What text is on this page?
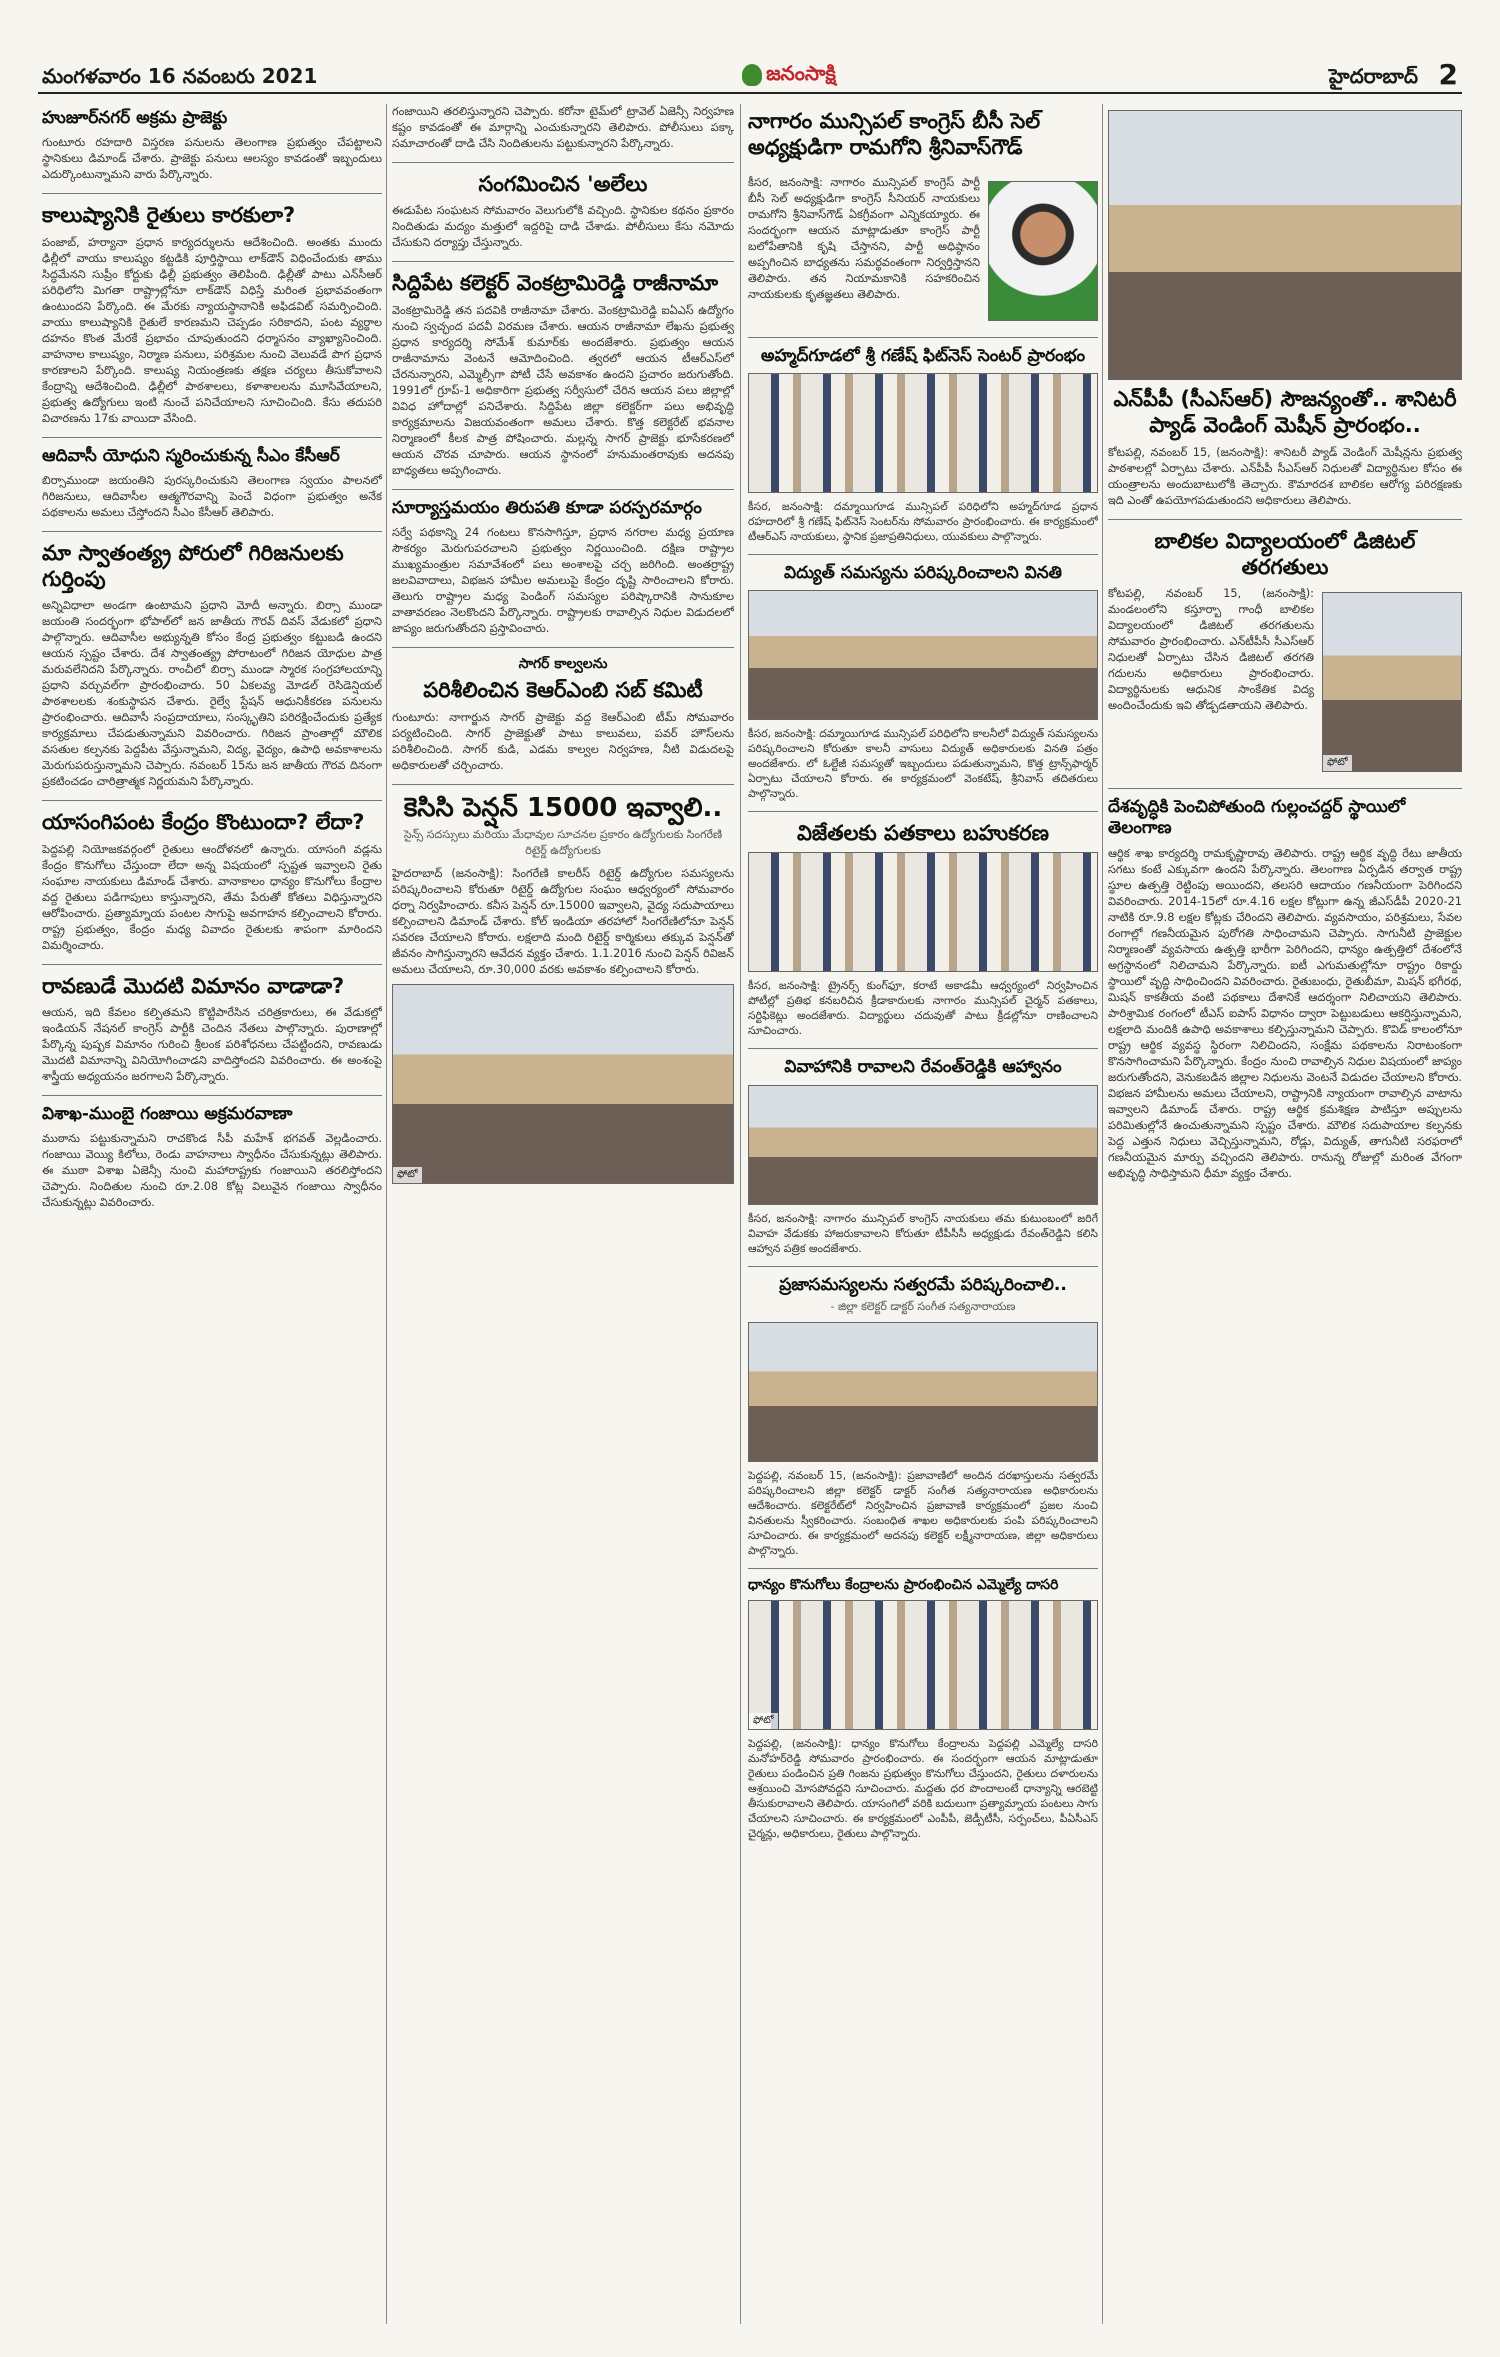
మంగళవారం 16 నవంబరు 2021	జనంసాక్షి	హైదరాబాద్ 2
హుజూర్‌నగర్ అక్రమ ప్రాజెక్టు
గుంటూరు రహదారి విస్తరణ పనులను తెలంగాణ ప్రభుత్వం చేపట్టాలని స్థానికులు డిమాండ్ చేశారు. ప్రాజెక్టు పనులు ఆలస్యం కావడంతో ఇబ్బందులు ఎదుర్కొంటున్నామని వారు పేర్కొన్నారు.
కాలుష్యానికి రైతులు కారకులా?
పంజాబ్, హర్యానా ప్రధాన కార్యదర్శులను ఆదేశించింది. అంతకు ముందు ఢిల్లీలో వాయు కాలుష్యం కట్టడికి పూర్తిస్థాయి లాక్‌డౌన్ విధించేందుకు తాము సిద్ధమేనని సుప్రీం కోర్టుకు ఢిల్లీ ప్రభుత్వం తెలిపింది. ఢిల్లీతో పాటు ఎన్‌సీఆర్ పరిధిలోని మిగతా రాష్ట్రాల్లోనూ లాక్‌డౌన్ విధిస్తే మరింత ప్రభావవంతంగా ఉంటుందని పేర్కొంది. ఈ మేరకు న్యాయస్థానానికి అఫిడవిట్ సమర్పించింది. వాయు కాలుష్యానికి రైతులే కారణమని చెప్పడం సరికాదని, పంట వ్యర్థాల దహనం కొంత మేరకే ప్రభావం చూపుతుందని ధర్మాసనం వ్యాఖ్యానించింది. వాహనాల కాలుష్యం, నిర్మాణ పనులు, పరిశ్రమల నుంచి వెలువడే పొగ ప్రధాన కారణాలని పేర్కొంది. కాలుష్య నియంత్రణకు తక్షణ చర్యలు తీసుకోవాలని కేంద్రాన్ని ఆదేశించింది. ఢిల్లీలో పాఠశాలలు, కళాశాలలను మూసివేయాలని, ప్రభుత్వ ఉద్యోగులు ఇంటి నుంచే పనిచేయాలని సూచించింది. కేసు తదుపరి విచారణను 17కు వాయిదా వేసింది.
ఆదివాసీ యోధుని స్మరించుకున్న సీఎం కేసీఆర్
బిర్సాముండా జయంతిని పురస్కరించుకుని తెలంగాణ స్వయం పాలనలో గిరిజనులు, ఆదివాసీల ఆత్మగౌరవాన్ని పెంచే విధంగా ప్రభుత్వం అనేక పథకాలను అమలు చేస్తోందని సీఎం కేసీఆర్ తెలిపారు.
మా స్వాతంత్య్ర పోరులో గిరిజనులకు గుర్తింపు
అన్నివిధాలా అండగా ఉంటామని ప్రధాని మోదీ అన్నారు. బిర్సా ముండా జయంతి సందర్భంగా భోపాల్‌లో జన జాతీయ గౌరవ్ దివస్ వేడుకలో ప్రధాని పాల్గొన్నారు. ఆదివాసీల అభ్యున్నతి కోసం కేంద్ర ప్రభుత్వం కట్టుబడి ఉందని ఆయన స్పష్టం చేశారు. దేశ స్వాతంత్య్ర పోరాటంలో గిరిజన యోధుల పాత్ర మరువలేనిదని పేర్కొన్నారు. రాంచీలో బిర్సా ముండా స్మారక సంగ్రహాలయాన్ని ప్రధాని వర్చువల్‌గా ప్రారంభించారు. 50 ఏకలవ్య మోడల్ రెసిడెన్షియల్ పాఠశాలలకు శంకుస్థాపన చేశారు. రైల్వే స్టేషన్ ఆధునికీకరణ పనులను ప్రారంభించారు. ఆదివాసీ సంప్రదాయాలు, సంస్కృతిని పరిరక్షించేందుకు ప్రత్యేక కార్యక్రమాలు చేపడుతున్నామని వివరించారు. గిరిజన ప్రాంతాల్లో మౌలిక వసతుల కల్పనకు పెద్దపీట వేస్తున్నామని, విద్య, వైద్యం, ఉపాధి అవకాశాలను మెరుగుపరుస్తున్నామని చెప్పారు. నవంబర్ 15ను జన జాతీయ గౌరవ దినంగా ప్రకటించడం చారిత్రాత్మక నిర్ణయమని పేర్కొన్నారు.
యాసంగిపంట కేంద్రం కొంటుందా? లేదా?
పెద్దపల్లి నియోజకవర్గంలో రైతులు ఆందోళనలో ఉన్నారు. యాసంగి వడ్లను కేంద్రం కొనుగోలు చేస్తుందా లేదా అన్న విషయంలో స్పష్టత ఇవ్వాలని రైతు సంఘాల నాయకులు డిమాండ్ చేశారు. వానాకాలం ధాన్యం కొనుగోలు కేంద్రాల వద్ద రైతులు పడిగాపులు కాస్తున్నారని, తేమ పేరుతో కోతలు విధిస్తున్నారని ఆరోపించారు. ప్రత్యామ్నాయ పంటల సాగుపై అవగాహన కల్పించాలని కోరారు. రాష్ట్ర ప్రభుత్వం, కేంద్రం మధ్య వివాదం రైతులకు శాపంగా మారిందని విమర్శించారు.
రావణుడే మొదటి విమానం వాడాడా?
ఆయన, ఇది కేవలం కల్పితమని కొట్టిపారేసిన చరిత్రకారులు, ఈ వేడుకల్లో ఇండియన్ నేషనల్ కాంగ్రెస్ పార్టీకి చెందిన నేతలు పాల్గొన్నారు. పురాణాల్లో పేర్కొన్న పుష్పక విమానం గురించి శ్రీలంక పరిశోధనలు చేపట్టిందని, రావణుడు మొదటి విమానాన్ని వినియోగించాడని వాదిస్తోందని వివరించారు. ఈ అంశంపై శాస్త్రీయ అధ్యయనం జరగాలని పేర్కొన్నారు.
విశాఖ-ముంబై గంజాయి అక్రమరవాణా
ముఠాను పట్టుకున్నామని రాచకొండ సీపీ మహేశ్ భగవత్ వెల్లడించారు. గంజాయి వెయ్యి కిలోలు, రెండు వాహనాలు స్వాధీనం చేసుకున్నట్లు తెలిపారు. ఈ ముఠా విశాఖ ఏజెన్సీ నుంచి మహారాష్ట్రకు గంజాయిని తరలిస్తోందని చెప్పారు. నిందితుల నుంచి రూ.2.08 కోట్ల విలువైన గంజాయి స్వాధీనం చేసుకున్నట్లు వివరించారు.
గంజాయిని తరలిస్తున్నారని చెప్పారు. కరోనా టైమ్‌లో ట్రావెల్ ఏజెన్సీ నిర్వహణ కష్టం కావడంతో ఈ మార్గాన్ని ఎంచుకున్నారని తెలిపారు. పోలీసులు పక్కా సమాచారంతో దాడి చేసి నిందితులను పట్టుకున్నారని పేర్కొన్నారు.
సంగమించిన 'అలేలు
ఈడుపేట సంఘటన సోమవారం వెలుగులోకి వచ్చింది. స్థానికుల కథనం ప్రకారం నిందితుడు మద్యం మత్తులో ఇద్దరిపై దాడి చేశాడు. పోలీసులు కేసు నమోదు చేసుకుని దర్యాప్తు చేస్తున్నారు.
సిద్దిపేట కలెక్టర్ వెంకట్రామిరెడ్డి రాజీనామా
వెంకట్రామిరెడ్డి తన పదవికి రాజీనామా చేశారు. వెంకట్రామిరెడ్డి ఐఏఎస్ ఉద్యోగం నుంచి స్వచ్ఛంద పదవీ విరమణ చేశారు. ఆయన రాజీనామా లేఖను ప్రభుత్వ ప్రధాన కార్యదర్శి సోమేశ్ కుమార్‌కు అందజేశారు. ప్రభుత్వం ఆయన రాజీనామాను వెంటనే ఆమోదించింది. త్వరలో ఆయన టీఆర్ఎస్‌లో చేరనున్నారని, ఎమ్మెల్సీగా పోటీ చేసే అవకాశం ఉందని ప్రచారం జరుగుతోంది. 1991లో గ్రూప్-1 అధికారిగా ప్రభుత్వ సర్వీసులో చేరిన ఆయన పలు జిల్లాల్లో వివిధ హోదాల్లో పనిచేశారు. సిద్దిపేట జిల్లా కలెక్టర్‌గా పలు అభివృద్ధి కార్యక్రమాలను విజయవంతంగా అమలు చేశారు. కొత్త కలెక్టరేట్ భవనాల నిర్మాణంలో కీలక పాత్ర పోషించారు. మల్లన్న సాగర్ ప్రాజెక్టు భూసేకరణలో ఆయన చొరవ చూపారు. ఆయన స్థానంలో హనుమంతరావుకు అదనపు బాధ్యతలు అప్పగించారు.
సూర్యాస్తమయం తిరుపతి కూడా పరస్పరమార్గం
సర్వే పథకాన్ని 24 గంటలు కొనసాగిస్తూ, ప్రధాన నగరాల మధ్య ప్రయాణ సౌకర్యం మెరుగుపరచాలని ప్రభుత్వం నిర్ణయించింది. దక్షిణ రాష్ట్రాల ముఖ్యమంత్రుల సమావేశంలో పలు అంశాలపై చర్చ జరిగింది. అంతర్రాష్ట్ర జలవివాదాలు, విభజన హామీల అమలుపై కేంద్రం దృష్టి సారించాలని కోరారు. తెలుగు రాష్ట్రాల మధ్య పెండింగ్ సమస్యల పరిష్కారానికి సానుకూల వాతావరణం నెలకొందని పేర్కొన్నారు. రాష్ట్రాలకు రావాల్సిన నిధుల విడుదలలో జాప్యం జరుగుతోందని ప్రస్తావించారు.
సాగర్ కాల్వలను
పరిశీలించిన కెఆర్ఎంబి సబ్ కమిటీ
గుంటూరు: నాగార్జున సాగర్ ప్రాజెక్టు వద్ద కెఆర్ఎంబి టీమ్ సోమవారం పర్యటించింది. సాగర్ ప్రాజెక్టుతో పాటు కాలువలు, పవర్ హౌస్‌లను పరిశీలించింది. సాగర్ కుడి, ఎడమ కాల్వల నిర్వహణ, నీటి విడుదలపై అధికారులతో చర్చించారు.
కెసిసి పెన్షన్ 15000 ఇవ్వాలి..
సైన్స్ సదస్సులు మరియు మేధావుల సూచనల ప్రకారం ఉద్యోగులకు సింగరేణి రిటైర్డ్ ఉద్యోగులకు
హైదరాబాద్ (జనంసాక్షి): సింగరేణి కాలరీస్ రిటైర్డ్ ఉద్యోగుల సమస్యలను పరిష్కరించాలని కోరుతూ రిటైర్డ్ ఉద్యోగుల సంఘం ఆధ్వర్యంలో సోమవారం ధర్నా నిర్వహించారు. కనీస పెన్షన్ రూ.15000 ఇవ్వాలని, వైద్య సదుపాయాలు కల్పించాలని డిమాండ్ చేశారు. కోల్ ఇండియా తరహాలో సింగరేణిలోనూ పెన్షన్ సవరణ చేయాలని కోరారు. లక్షలాది మంది రిటైర్డ్ కార్మికులు తక్కువ పెన్షన్‌తో జీవనం సాగిస్తున్నారని ఆవేదన వ్యక్తం చేశారు. 1.1.2016 నుంచి పెన్షన్ రివిజన్ అమలు చేయాలని, రూ.30,000 వరకు అవకాశం కల్పించాలని కోరారు.
ఫోటో
నాగారం మున్సిపల్ కాంగ్రెస్ బీసీ సెల్ అధ్యక్షుడిగా రామగోని శ్రీనివాస్‌గౌడ్
కీసర, జనంసాక్షి: నాగారం మున్సిపల్ కాంగ్రెస్ పార్టీ బీసీ సెల్ అధ్యక్షుడిగా కాంగ్రెస్ సీనియర్ నాయకులు రామగోని శ్రీనివాస్‌గౌడ్ ఏకగ్రీవంగా ఎన్నికయ్యారు. ఈ సందర్భంగా ఆయన మాట్లాడుతూ కాంగ్రెస్ పార్టీ బలోపేతానికి కృషి చేస్తానని, పార్టీ అధిష్ఠానం అప్పగించిన బాధ్యతను సమర్థవంతంగా నిర్వర్తిస్తానని తెలిపారు. తన నియామకానికి సహకరించిన నాయకులకు కృతజ్ఞతలు తెలిపారు.
అహ్మద్‌గూడలో శ్రీ గణేష్ ఫిట్‌నెస్ సెంటర్ ప్రారంభం
కీసర, జనంసాక్షి: దమ్మాయిగూడ మున్సిపల్ పరిధిలోని అహ్మద్‌గూడ ప్రధాన రహదారిలో శ్రీ గణేష్ ఫిట్‌నెస్ సెంటర్‌ను సోమవారం ప్రారంభించారు. ఈ కార్యక్రమంలో టీఆర్ఎస్ నాయకులు, స్థానిక ప్రజాప్రతినిధులు, యువకులు పాల్గొన్నారు.
విద్యుత్ సమస్యను పరిష్కరించాలని వినతి
కీసర, జనంసాక్షి: దమ్మాయిగూడ మున్సిపల్ పరిధిలోని కాలనీలో విద్యుత్ సమస్యలను పరిష్కరించాలని కోరుతూ కాలనీ వాసులు విద్యుత్ అధికారులకు వినతి పత్రం అందజేశారు. లో ఓల్టేజీ సమస్యతో ఇబ్బందులు పడుతున్నామని, కొత్త ట్రాన్స్‌ఫార్మర్ ఏర్పాటు చేయాలని కోరారు. ఈ కార్యక్రమంలో వెంకటేష్, శ్రీనివాస్ తదితరులు పాల్గొన్నారు.
విజేతలకు పతకాలు బహుకరణ
కీసర, జనంసాక్షి: ట్రైనర్స్ కుంగ్‌ఫూ, కరాటే అకాడమీ ఆధ్వర్యంలో నిర్వహించిన పోటీల్లో ప్రతిభ కనబరిచిన క్రీడాకారులకు నాగారం మున్సిపల్ చైర్మన్ పతకాలు, సర్టిఫికెట్లు అందజేశారు. విద్యార్థులు చదువుతో పాటు క్రీడల్లోనూ రాణించాలని సూచించారు.
వివాహానికి రావాలని రేవంత్‌రెడ్డికి ఆహ్వానం
కీసర, జనంసాక్షి: నాగారం మున్సిపల్ కాంగ్రెస్ నాయకులు తమ కుటుంబంలో జరిగే వివాహ వేడుకకు హాజరుకావాలని కోరుతూ టీపీసీసీ అధ్యక్షుడు రేవంత్‌రెడ్డిని కలిసి ఆహ్వాన పత్రిక అందజేశారు.
ప్రజాసమస్యలను సత్వరమే పరిష్కరించాలి..
- జిల్లా కలెక్టర్ డాక్టర్ సంగీత సత్యనారాయణ
పెద్దపల్లి, నవంబర్ 15, (జనంసాక్షి): ప్రజావాణిలో అందిన దరఖాస్తులను సత్వరమే పరిష్కరించాలని జిల్లా కలెక్టర్ డాక్టర్ సంగీత సత్యనారాయణ అధికారులను ఆదేశించారు. కలెక్టరేట్‌లో నిర్వహించిన ప్రజావాణి కార్యక్రమంలో ప్రజల నుంచి వినతులను స్వీకరించారు. సంబంధిత శాఖల అధికారులకు పంపి పరిష్కరించాలని సూచించారు. ఈ కార్యక్రమంలో అదనపు కలెక్టర్ లక్ష్మీనారాయణ, జిల్లా అధికారులు పాల్గొన్నారు.
ధాన్యం కొనుగోలు కేంద్రాలను ప్రారంభించిన ఎమ్మెల్యే దాసరి
ఫోటో
పెద్దపల్లి, (జనంసాక్షి): ధాన్యం కొనుగోలు కేంద్రాలను పెద్దపల్లి ఎమ్మెల్యే దాసరి మనోహర్‌రెడ్డి సోమవారం ప్రారంభించారు. ఈ సందర్భంగా ఆయన మాట్లాడుతూ రైతులు పండించిన ప్రతి గింజను ప్రభుత్వం కొనుగోలు చేస్తుందని, రైతులు దళారులను ఆశ్రయించి మోసపోవద్దని సూచించారు. మద్దతు ధర పొందాలంటే ధాన్యాన్ని ఆరబెట్టి తీసుకురావాలని తెలిపారు. యాసంగిలో వరికి బదులుగా ప్రత్యామ్నాయ పంటలు సాగు చేయాలని సూచించారు. ఈ కార్యక్రమంలో ఎంపీపీ, జెడ్పీటీసీ, సర్పంచ్‌లు, పీఏసీఎస్ చైర్మన్లు, అధికారులు, రైతులు పాల్గొన్నారు.
ఎన్‌పీపీ (సీఎస్ఆర్) సౌజన్యంతో.. శానిటరీ ప్యాడ్ వెండింగ్ మెషీన్ ప్రారంభం..
కోటపల్లి, నవంబర్ 15, (జనంసాక్షి): శానిటరీ ప్యాడ్ వెండింగ్ మెషీన్లను ప్రభుత్వ పాఠశాలల్లో ఏర్పాటు చేశారు. ఎన్‌పీపీ సీఎస్ఆర్ నిధులతో విద్యార్థినుల కోసం ఈ యంత్రాలను అందుబాటులోకి తెచ్చారు. కౌమారదశ బాలికల ఆరోగ్య పరిరక్షణకు ఇది ఎంతో ఉపయోగపడుతుందని అధికారులు తెలిపారు.
బాలికల విద్యాలయంలో డిజిటల్ తరగతులు
కోటపల్లి, నవంబర్ 15, (జనంసాక్షి): మండలంలోని కస్తూర్బా గాంధీ బాలికల విద్యాలయంలో డిజిటల్ తరగతులను సోమవారం ప్రారంభించారు. ఎన్‌టీపీసీ సీఎస్ఆర్ నిధులతో ఏర్పాటు చేసిన డిజిటల్ తరగతి గదులను అధికారులు ప్రారంభించారు. విద్యార్థినులకు ఆధునిక సాంకేతిక విద్య అందించేందుకు ఇవి తోడ్పడతాయని తెలిపారు.
ఫోటో
దేశవృద్ధికి పెంచిపోతుంది గుల్లంచద్దర్ స్థాయిలో తెలంగాణ
ఆర్థిక శాఖ కార్యదర్శి రామకృష్ణారావు తెలిపారు. రాష్ట్ర ఆర్థిక వృద్ధి రేటు జాతీయ సగటు కంటే ఎక్కువగా ఉందని పేర్కొన్నారు. తెలంగాణ ఏర్పడిన తర్వాత రాష్ట్ర స్థూల ఉత్పత్తి రెట్టింపు అయిందని, తలసరి ఆదాయం గణనీయంగా పెరిగిందని వివరించారు. 2014-15లో రూ.4.16 లక్షల కోట్లుగా ఉన్న జీఎస్‌డీపీ 2020-21 నాటికి రూ.9.8 లక్షల కోట్లకు చేరిందని తెలిపారు. వ్యవసాయం, పరిశ్రమలు, సేవల రంగాల్లో గణనీయమైన పురోగతి సాధించామని చెప్పారు. సాగునీటి ప్రాజెక్టుల నిర్మాణంతో వ్యవసాయ ఉత్పత్తి భారీగా పెరిగిందని, ధాన్యం ఉత్పత్తిలో దేశంలోనే అగ్రస్థానంలో నిలిచామని పేర్కొన్నారు. ఐటీ ఎగుమతుల్లోనూ రాష్ట్రం రికార్డు స్థాయిలో వృద్ధి సాధించిందని వివరించారు. రైతుబంధు, రైతుబీమా, మిషన్ భగీరథ, మిషన్ కాకతీయ వంటి పథకాలు దేశానికే ఆదర్శంగా నిలిచాయని తెలిపారు. పారిశ్రామిక రంగంలో టీఎస్ ఐపాస్ విధానం ద్వారా పెట్టుబడులు ఆకర్షిస్తున్నామని, లక్షలాది మందికి ఉపాధి అవకాశాలు కల్పిస్తున్నామని చెప్పారు. కొవిడ్ కాలంలోనూ రాష్ట్ర ఆర్థిక వ్యవస్థ స్థిరంగా నిలిచిందని, సంక్షేమ పథకాలను నిరాటంకంగా కొనసాగించామని పేర్కొన్నారు. కేంద్రం నుంచి రావాల్సిన నిధుల విషయంలో జాప్యం జరుగుతోందని, వెనుకబడిన జిల్లాల నిధులను వెంటనే విడుదల చేయాలని కోరారు. విభజన హామీలను అమలు చేయాలని, రాష్ట్రానికి న్యాయంగా రావాల్సిన వాటాను ఇవ్వాలని డిమాండ్ చేశారు. రాష్ట్ర ఆర్థిక క్రమశిక్షణ పాటిస్తూ అప్పులను పరిమితుల్లోనే ఉంచుతున్నామని స్పష్టం చేశారు. మౌలిక సదుపాయాల కల్పనకు పెద్ద ఎత్తున నిధులు వెచ్చిస్తున్నామని, రోడ్లు, విద్యుత్, తాగునీటి సరఫరాలో గణనీయమైన మార్పు వచ్చిందని తెలిపారు. రానున్న రోజుల్లో మరింత వేగంగా అభివృద్ధి సాధిస్తామని ధీమా వ్యక్తం చేశారు.
